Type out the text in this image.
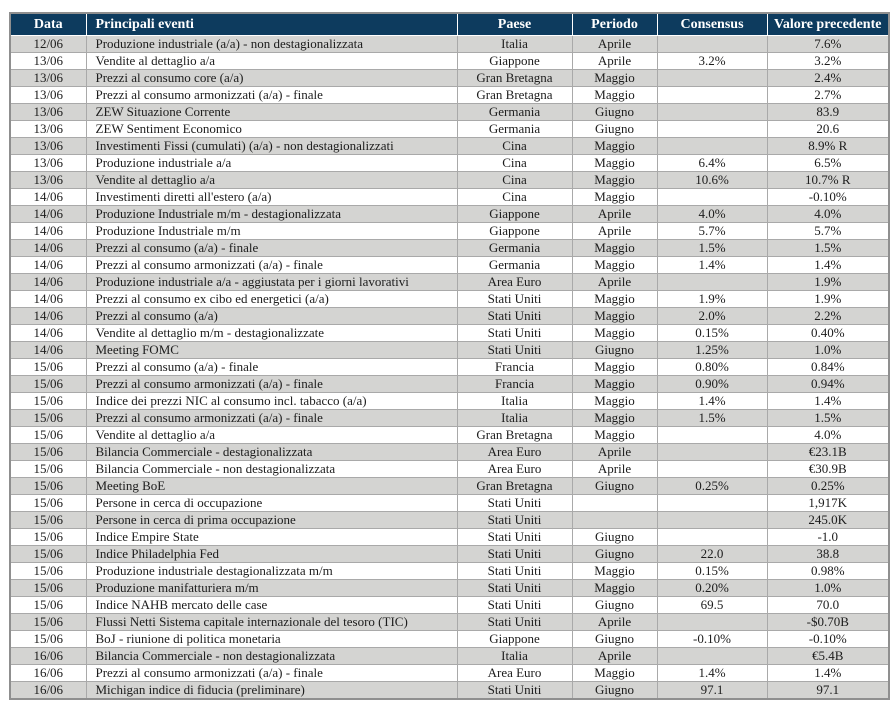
Data	Principali eventi	Paese	Periodo	Consensus	Valore precedente
12/06	Produzione industriale (a/a) - non destagionalizzata	Italia	Aprile		7.6%
13/06	Vendite al dettaglio a/a	Giappone	Aprile	3.2%	3.2%
13/06	Prezzi al consumo core (a/a)	Gran Bretagna	Maggio		2.4%
13/06	Prezzi al consumo armonizzati (a/a) - finale	Gran Bretagna	Maggio		2.7%
13/06	ZEW Situazione Corrente	Germania	Giugno		83.9
13/06	ZEW Sentiment Economico	Germania	Giugno		20.6
13/06	Investimenti Fissi (cumulati) (a/a) - non destagionalizzati	Cina	Maggio		8.9% R
13/06	Produzione industriale a/a	Cina	Maggio	6.4%	6.5%
13/06	Vendite al dettaglio a/a	Cina	Maggio	10.6%	10.7% R
14/06	Investimenti diretti all'estero (a/a)	Cina	Maggio		-0.10%
14/06	Produzione Industriale m/m - destagionalizzata	Giappone	Aprile	4.0%	4.0%
14/06	Produzione Industriale m/m	Giappone	Aprile	5.7%	5.7%
14/06	Prezzi al consumo (a/a) - finale	Germania	Maggio	1.5%	1.5%
14/06	Prezzi al consumo armonizzati (a/a) - finale	Germania	Maggio	1.4%	1.4%
14/06	Produzione industriale a/a - aggiustata per i giorni lavorativi	Area Euro	Aprile		1.9%
14/06	Prezzi al consumo ex cibo ed energetici (a/a)	Stati Uniti	Maggio	1.9%	1.9%
14/06	Prezzi al consumo (a/a)	Stati Uniti	Maggio	2.0%	2.2%
14/06	Vendite al dettaglio m/m - destagionalizzate	Stati Uniti	Maggio	0.15%	0.40%
14/06	Meeting FOMC	Stati Uniti	Giugno	1.25%	1.0%
15/06	Prezzi al consumo (a/a) - finale	Francia	Maggio	0.80%	0.84%
15/06	Prezzi al consumo armonizzati (a/a) - finale	Francia	Maggio	0.90%	0.94%
15/06	Indice dei prezzi NIC al consumo incl. tabacco (a/a)	Italia	Maggio	1.4%	1.4%
15/06	Prezzi al consumo armonizzati (a/a) - finale	Italia	Maggio	1.5%	1.5%
15/06	Vendite al dettaglio a/a	Gran Bretagna	Maggio		4.0%
15/06	Bilancia Commerciale - destagionalizzata	Area Euro	Aprile		€23.1B
15/06	Bilancia Commerciale - non destagionalizzata	Area Euro	Aprile		€30.9B
15/06	Meeting BoE	Gran Bretagna	Giugno	0.25%	0.25%
15/06	Persone in cerca di occupazione	Stati Uniti			1,917K
15/06	Persone in cerca di prima occupazione	Stati Uniti			245.0K
15/06	Indice Empire State	Stati Uniti	Giugno		-1.0
15/06	Indice Philadelphia Fed	Stati Uniti	Giugno	22.0	38.8
15/06	Produzione industriale destagionalizzata m/m	Stati Uniti	Maggio	0.15%	0.98%
15/06	Produzione manifatturiera m/m	Stati Uniti	Maggio	0.20%	1.0%
15/06	Indice NAHB mercato delle case	Stati Uniti	Giugno	69.5	70.0
15/06	Flussi Netti Sistema capitale internazionale del tesoro (TIC)	Stati Uniti	Aprile		-$0.70B
15/06	BoJ - riunione di politica monetaria	Giappone	Giugno	-0.10%	-0.10%
16/06	Bilancia Commerciale - non destagionalizzata	Italia	Aprile		€5.4B
16/06	Prezzi al consumo armonizzati (a/a) - finale	Area Euro	Maggio	1.4%	1.4%
16/06	Michigan indice di fiducia (preliminare)	Stati Uniti	Giugno	97.1	97.1
